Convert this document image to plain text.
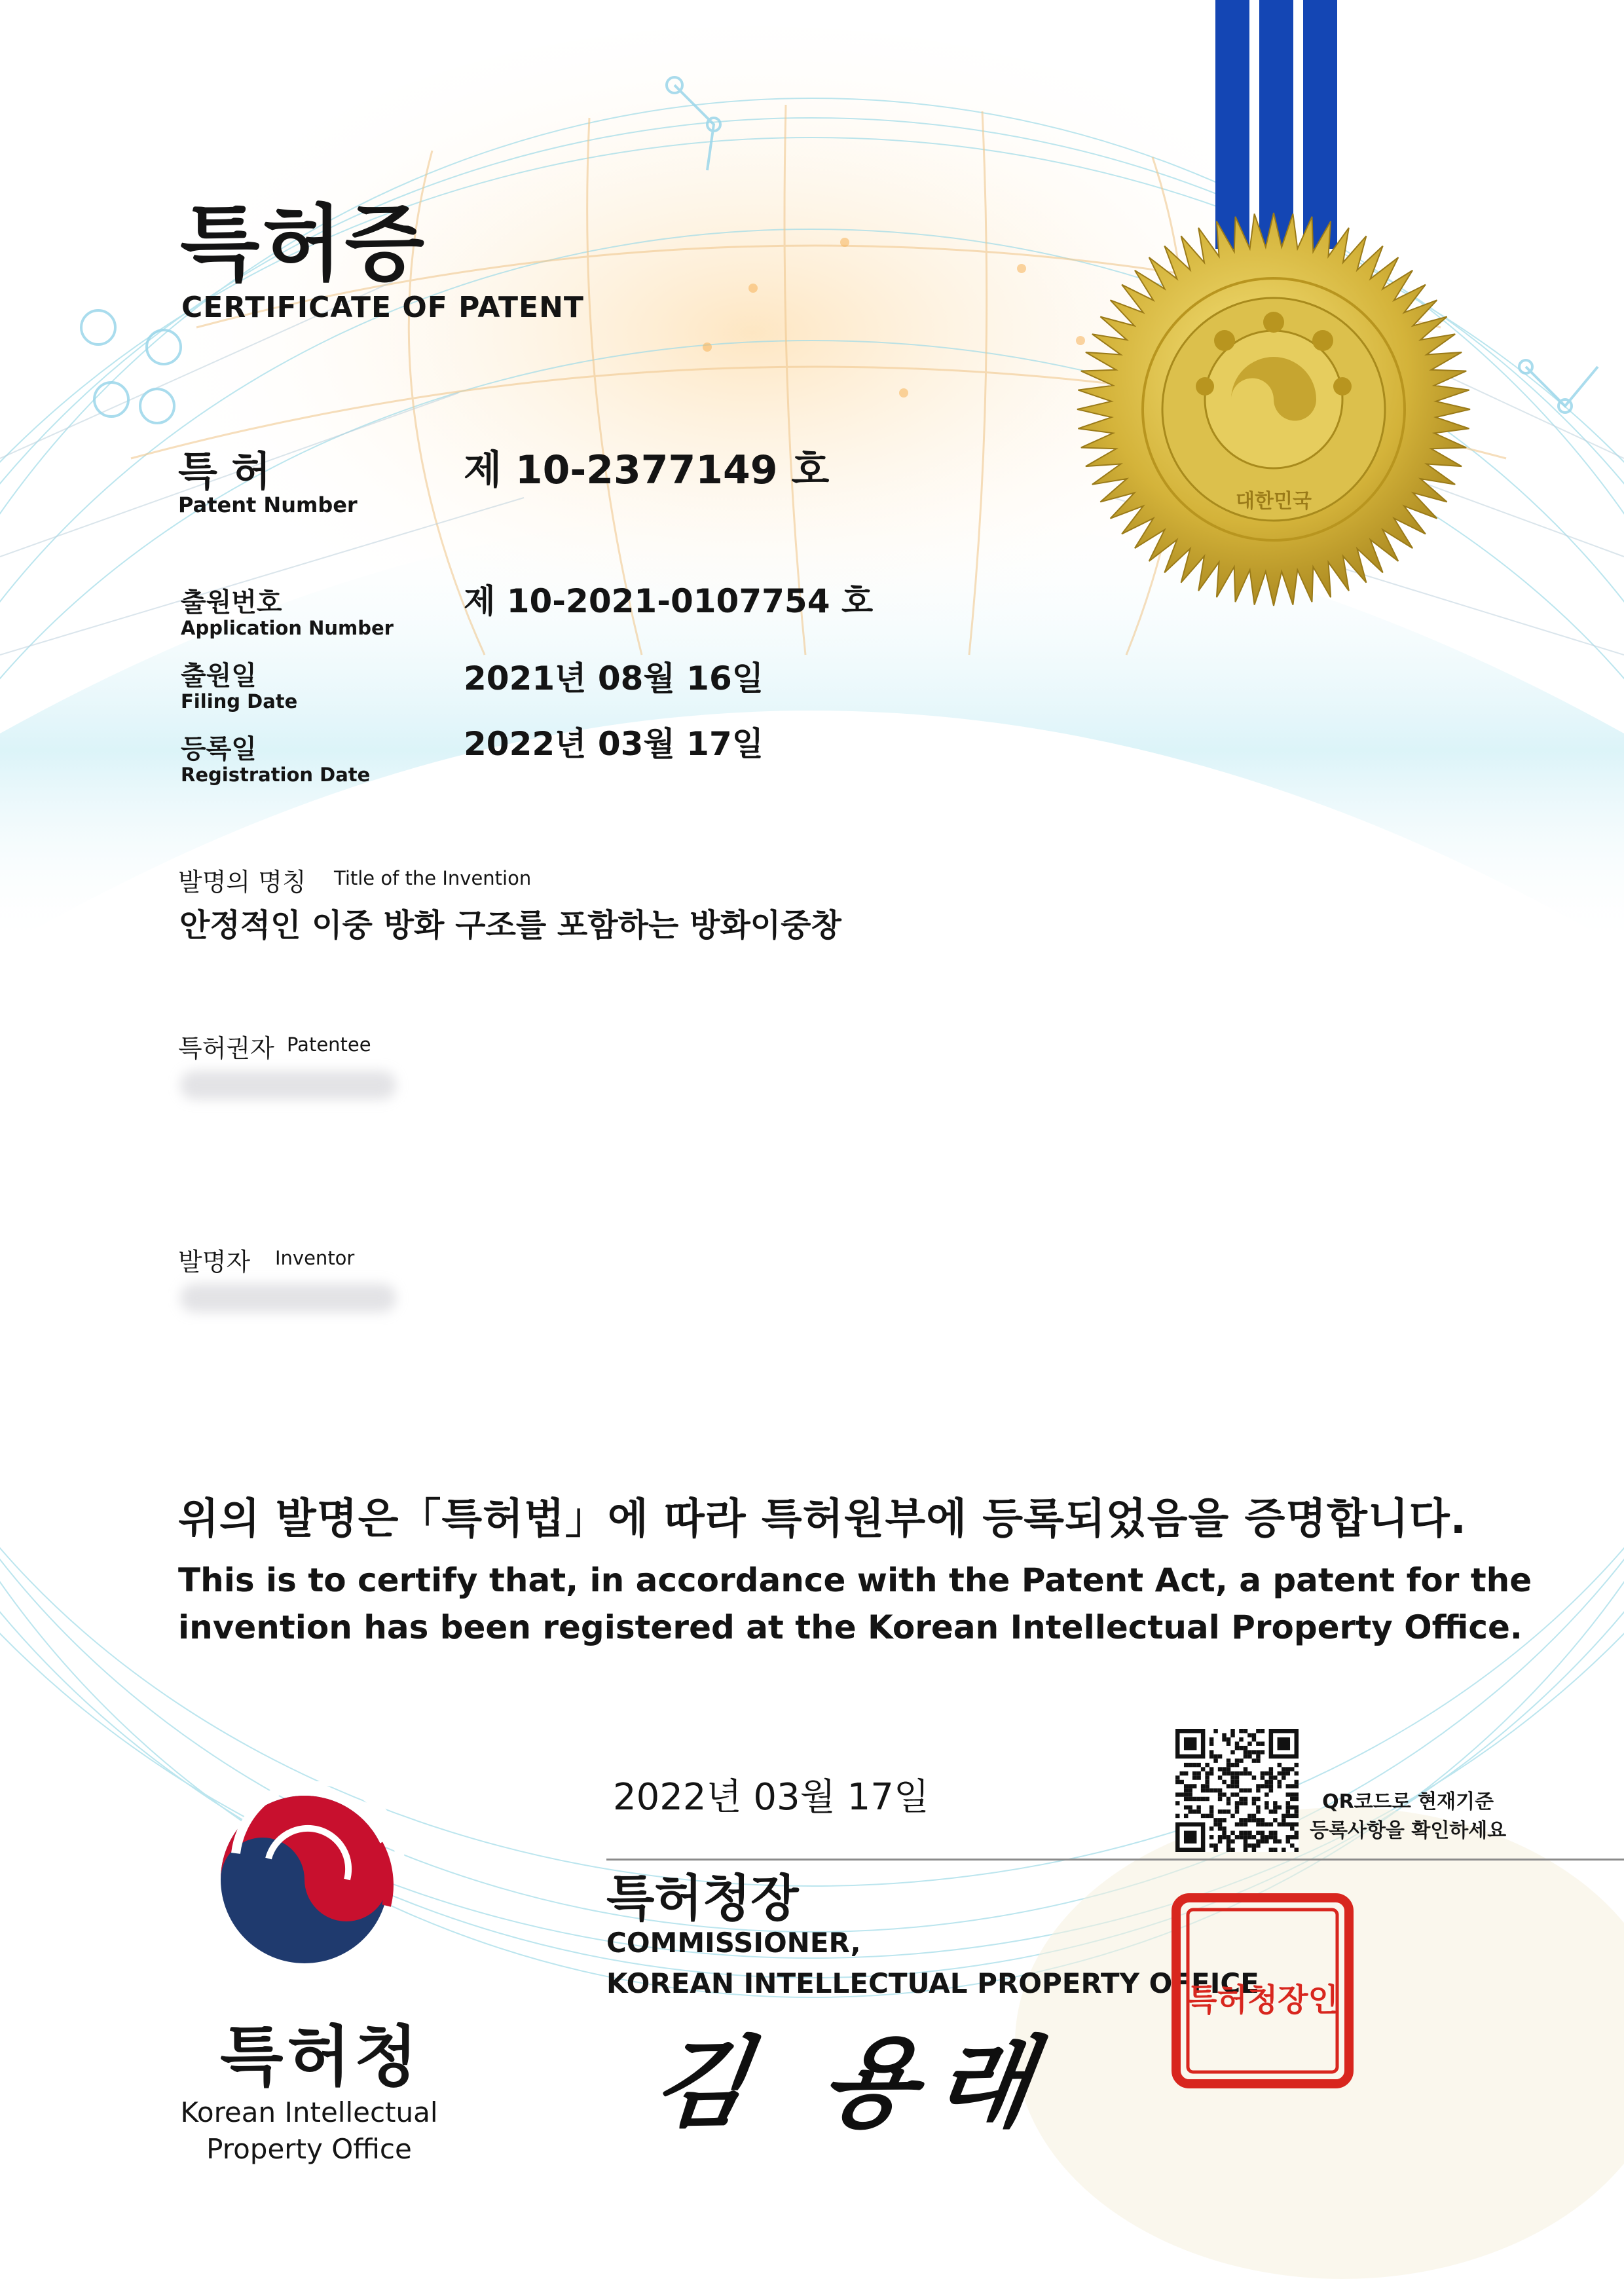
대한민국
특허증
CERTIFICATE OF PATENT
특 허
Patent Number
제 10-2377149 호
출원번호
Application Number
제 10-2021-0107754 호
출원일
Filing Date
2021년 08월 16일
등록일
Registration Date
2022년 03월 17일
발명의 명칭 Title of the Invention
안정적인 이중 방화 구조를 포함하는 방화이중창
특허권자 Patentee
발명자 Inventor
위의 발명은「특허법」에 따라 특허원부에 등록되었음을 증명합니다.
This is to certify that, in accordance with the Patent Act, a patent for the
invention has been registered at the Korean Intellectual Property Office.
2022년 03월 17일	QR코드로 현재기준
등록사항을 확인하세요
특허청장
COMMISSIONER,
KOREAN INTELLECTUAL PROPERTY OFFICE
김 용래
특허청장인
특허청
Korean Intellectual
Property Office
